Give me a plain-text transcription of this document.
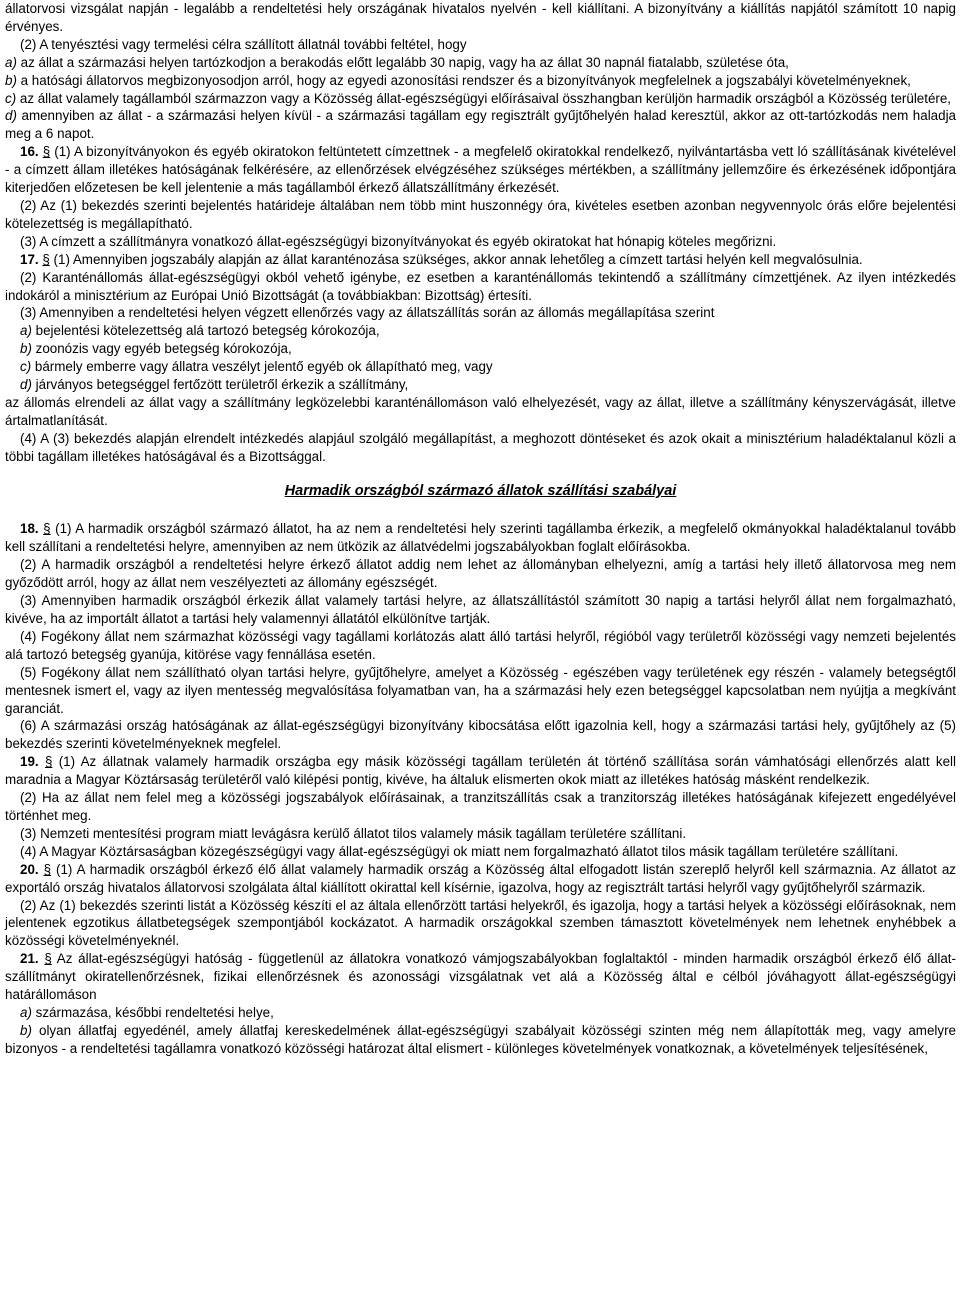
állatorvosi vizsgálat napján - legalább a rendeltetési hely országának hivatalos nyelvén - kell kiállítani. A bizonyítvány a kiállítás napjától számított 10 napig érvényes.

(2) A tenyésztési vagy termelési célra szállított állatnál további feltétel, hogy

a) az állat a származási helyen tartózkodjon a berakodás előtt legalább 30 napig, vagy ha az állat 30 napnál fiatalabb, születése óta,

b) a hatósági állatorvos megbizonyosodjon arról, hogy az egyedi azonosítási rendszer és a bizonyítványok megfelelnek a jogszabályi követelményeknek,

c) az állat valamely tagállamból származzon vagy a Közösség állat-egészségügyi előírásaival összhangban kerüljön harmadik országból a Közösség területére,

d) amennyiben az állat - a származási helyen kívül - a származási tagállam egy regisztrált gyűjtőhelyén halad keresztül, akkor az ott-tartózkodás nem haladja meg a 6 napot.

16. § (1) A bizonyítványokon és egyéb okiratokon feltüntetett címzettnek - a megfelelő okiratokkal rendelkező, nyilvántartásba vett ló szállításának kivételével - a címzett állam illetékes hatóságának felkérésére, az ellenőrzések elvégzéséhez szükséges mértékben, a szállítmány jellemzőire és érkezésének időpontjára kiterjedően előzetesen be kell jelentenie a más tagállamból érkező állatszállítmány érkezését.

(2) Az (1) bekezdés szerinti bejelentés határideje általában nem több mint huszonnégy óra, kivételes esetben azonban negyvennyolc órás előre bejelentési kötelezettség is megállapítható.

(3) A címzett a szállítmányra vonatkozó állat-egészségügyi bizonyítványokat és egyéb okiratokat hat hónapig köteles megőrizni.

17. § (1) Amennyiben jogszabály alapján az állat karanténozása szükséges, akkor annak lehetőleg a címzett tartási helyén kell megvalósulnia.

(2) Karanténállomás állat-egészségügyi okból vehető igénybe, ez esetben a karanténállomás tekintendő a szállítmány címzettjének. Az ilyen intézkedés indokáról a minisztérium az Európai Unió Bizottságát (a továbbiakban: Bizottság) értesíti.

(3) Amennyiben a rendeltetési helyen végzett ellenőrzés vagy az állatszállítás során az állomás megállapítása szerint

a) bejelentési kötelezettség alá tartozó betegség kórokozója,

b) zoonózis vagy egyéb betegség kórokozója,

c) bármely emberre vagy állatra veszélyt jelentő egyéb ok állapítható meg, vagy

d) járványos betegséggel fertőzött területről érkezik a szállítmány,

az állomás elrendeli az állat vagy a szállítmány legközelebbi karanténállomáson való elhelyezését, vagy az állat, illetve a szállítmány kényszervágását, illetve ártalmatlanítását.

(4) A (3) bekezdés alapján elrendelt intézkedés alapjául szolgáló megállapítást, a meghozott döntéseket és azok okait a minisztérium haladéktalanul közli a többi tagállam illetékes hatóságával és a Bizottsággal.

Harmadik országból származó állatok szállítási szabályai

18. § (1) A harmadik országból származó állatot, ha az nem a rendeltetési hely szerinti tagállamba érkezik, a megfelelő okmányokkal haladéktalanul tovább kell szállítani a rendeltetési helyre, amennyiben az nem ütközik az állatvédelmi jogszabályokban foglalt előírásokba.

(2) A harmadik országból a rendeltetési helyre érkező állatot addig nem lehet az állományban elhelyezni, amíg a tartási hely illető állatorvosa meg nem győződött arról, hogy az állat nem veszélyezteti az állomány egészségét.

(3) Amennyiben harmadik országból érkezik állat valamely tartási helyre, az állatszállítástól számított 30 napig a tartási helyről állat nem forgalmazható, kivéve, ha az importált állatot a tartási hely valamennyi állatától elkülönítve tartják.

(4) Fogékony állat nem származhat közösségi vagy tagállami korlátozás alatt álló tartási helyről, régióból vagy területről közösségi vagy nemzeti bejelentés alá tartozó betegség gyanúja, kitörése vagy fennállása esetén.

(5) Fogékony állat nem szállítható olyan tartási helyre, gyűjtőhelyre, amelyet a Közösség - egészében vagy területének egy részén - valamely betegségtől mentesnek ismert el, vagy az ilyen mentesség megvalósítása folyamatban van, ha a származási hely ezen betegséggel kapcsolatban nem nyújtja a megkívánt garanciát.

(6) A származási ország hatóságának az állat-egészségügyi bizonyítvány kibocsátása előtt igazolnia kell, hogy a származási tartási hely, gyűjtőhely az (5) bekezdés szerinti követelményeknek megfelel.

19. § (1) Az állatnak valamely harmadik országba egy másik közösségi tagállam területén át történő szállítása során vámhatósági ellenőrzés alatt kell maradnia a Magyar Köztársaság területéről való kilépési pontig, kivéve, ha általuk elismerten okok miatt az illetékes hatóság másként rendelkezik.

(2) Ha az állat nem felel meg a közösségi jogszabályok előírásainak, a tranzitszállítás csak a tranzitország illetékes hatóságának kifejezett engedélyével történhet meg.

(3) Nemzeti mentesítési program miatt levágásra kerülő állatot tilos valamely másik tagállam területére szállítani.

(4) A Magyar Köztársaságban közegészségügyi vagy állat-egészségügyi ok miatt nem forgalmazható állatot tilos másik tagállam területére szállítani.

20. § (1) A harmadik országból érkező élő állat valamely harmadik ország a Közösség által elfogadott listán szereplő helyről kell származnia. Az állatot az exportáló ország hivatalos állatorvosi szolgálata által kiállított okirattal kell kísérnie, igazolva, hogy az regisztrált tartási helyről vagy gyűjtőhelyről származik.

(2) Az (1) bekezdés szerinti listát a Közösség készíti el az általa ellenőrzött tartási helyekről, és igazolja, hogy a tartási helyek a közösségi előírásoknak, nem jelentenek egzotikus állatbetegségek szempontjából kockázatot. A harmadik országokkal szemben támasztott követelmények nem lehetnek enyhébbek a közösségi követelményeknél.

21. § Az állat-egészségügyi hatóság - függetlenül az állatokra vonatkozó vámjogszabályokban foglaltaktól - minden harmadik országból érkező élő állat-szállítmányt okiratellenőrzésnek, fizikai ellenőrzésnek és azonossági vizsgálatnak vet alá a Közösség által e célból jóváhagyott állat-egészségügyi határállomáson

a) származása, későbbi rendeltetési helye,

b) olyan állatfaj egyedénél, amely állatfaj kereskedelmének állat-egészségügyi szabályait közösségi szinten még nem állapították meg, vagy amelyre bizonyos - a rendeltetési tagállamra vonatkozó közösségi határozat által elismert - különleges követelmények vonatkoznak, a követelmények teljesítésének,
